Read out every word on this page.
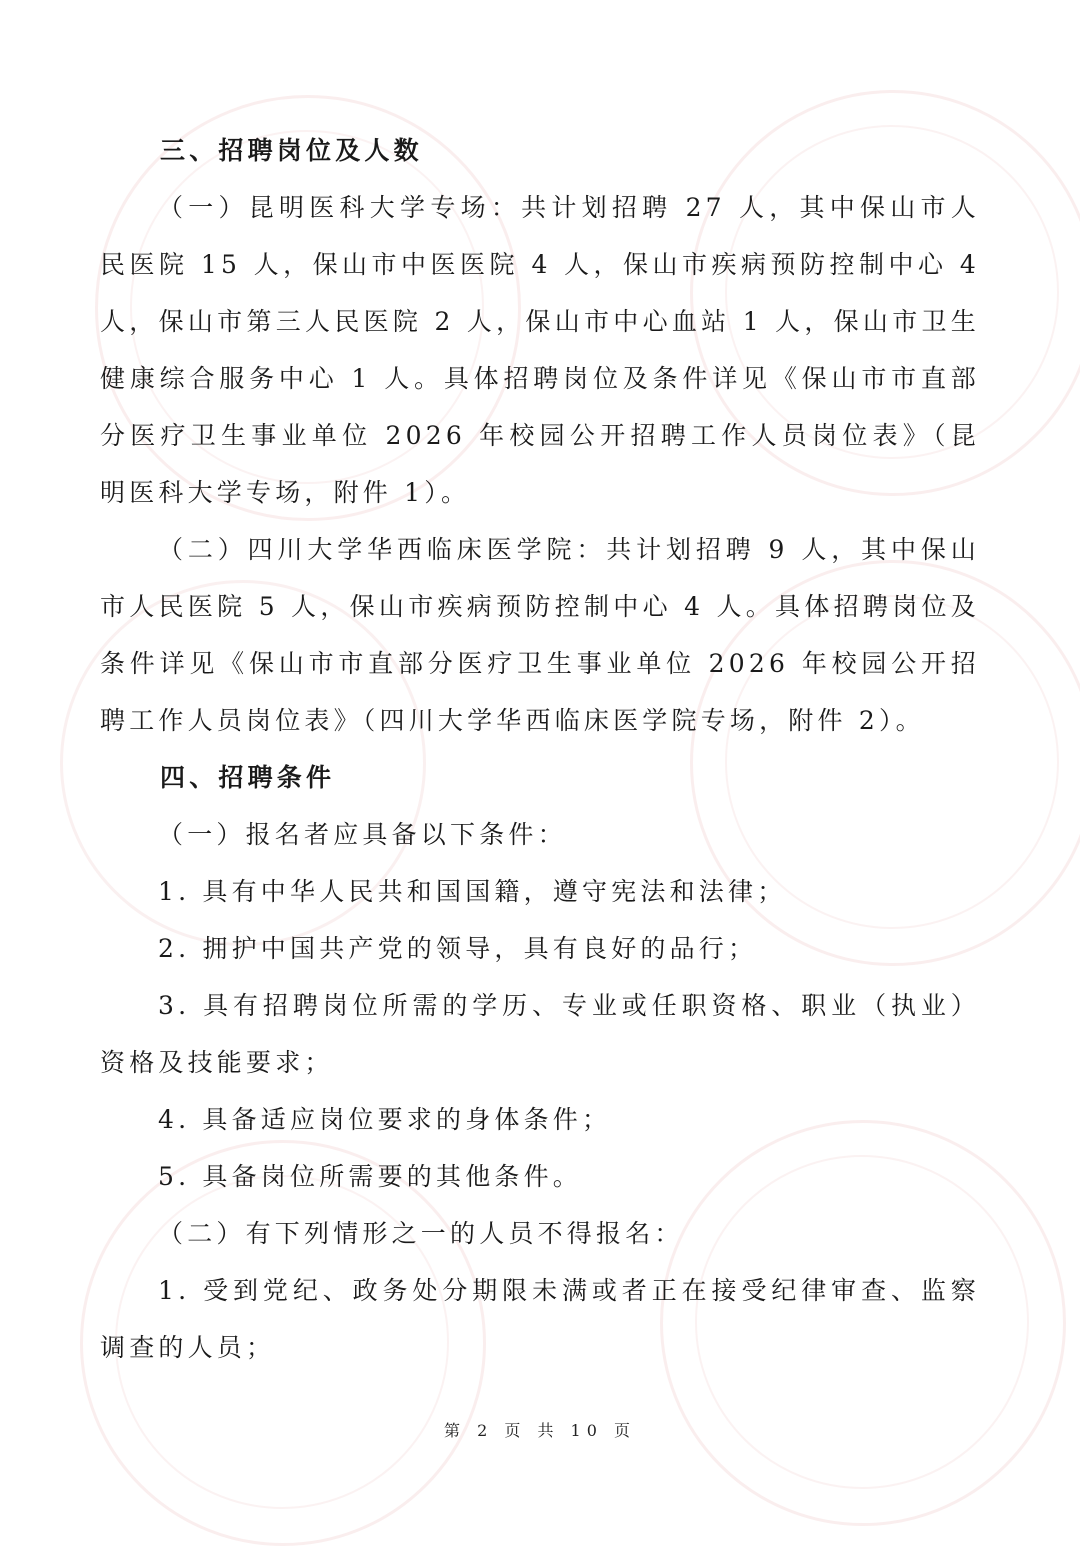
三、招聘岗位及人数

（一）昆明医科大学专场：共计划招聘 27 人，其中保山市人民医院 15 人，保山市中医医院 4 人，保山市疾病预防控制中心 4 人，保山市第三人民医院 2 人，保山市中心血站 1 人，保山市卫生健康综合服务中心 1 人。具体招聘岗位及条件详见《保山市市直部分医疗卫生事业单位 2026 年校园公开招聘工作人员岗位表》（昆明医科大学专场，附件 1）。

（二）四川大学华西临床医学院：共计划招聘 9 人，其中保山市人民医院 5 人，保山市疾病预防控制中心 4 人。具体招聘岗位及条件详见《保山市市直部分医疗卫生事业单位 2026 年校园公开招聘工作人员岗位表》（四川大学华西临床医学院专场，附件 2）。

四、招聘条件

（一）报名者应具备以下条件：

1. 具有中华人民共和国国籍，遵守宪法和法律；

2. 拥护中国共产党的领导，具有良好的品行；

3. 具有招聘岗位所需的学历、专业或任职资格、职业（执业）资格及技能要求；

4. 具备适应岗位要求的身体条件；

5. 具备岗位所需要的其他条件。

（二）有下列情形之一的人员不得报名：

1. 受到党纪、政务处分期限未满或者正在接受纪律审查、监察调查的人员；

第 2 页 共 10 页
